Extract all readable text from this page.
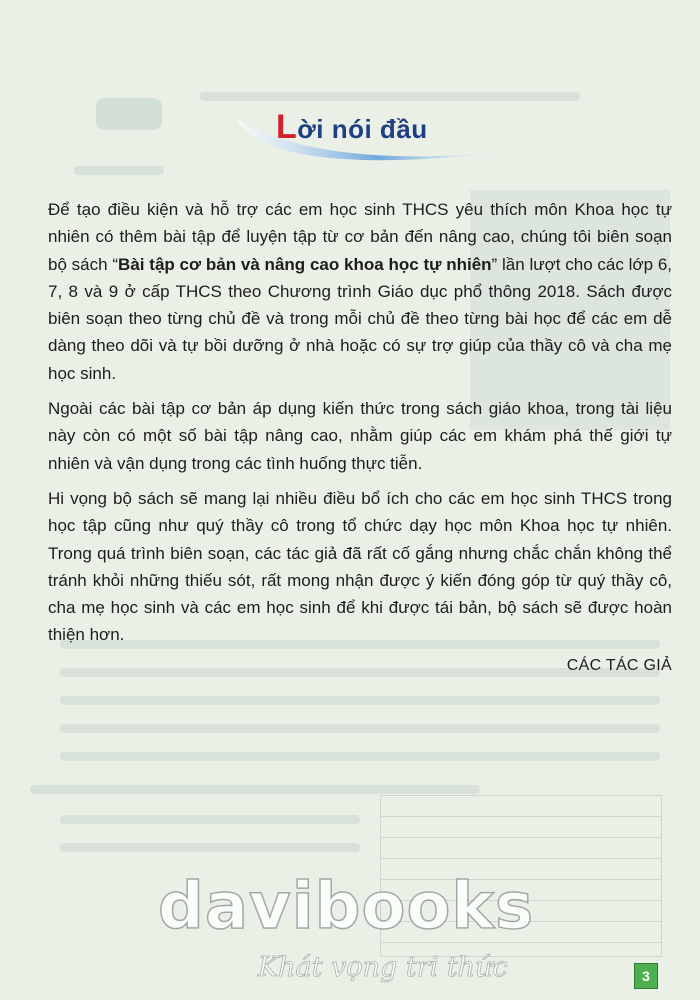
Lời nói đầu

Để tạo điều kiện và hỗ trợ các em học sinh THCS yêu thích môn Khoa học tự nhiên có thêm bài tập để luyện tập từ cơ bản đến nâng cao, chúng tôi biên soạn bộ sách “Bài tập cơ bản và nâng cao khoa học tự nhiên” lần lượt cho các lớp 6, 7, 8 và 9 ở cấp THCS theo Chương trình Giáo dục phổ thông 2018. Sách được biên soạn theo từng chủ đề và trong mỗi chủ đề theo từng bài học để các em dễ dàng theo dõi và tự bồi dưỡng ở nhà hoặc có sự trợ giúp của thầy cô và cha mẹ học sinh.

Ngoài các bài tập cơ bản áp dụng kiến thức trong sách giáo khoa, trong tài liệu này còn có một số bài tập nâng cao, nhằm giúp các em khám phá thế giới tự nhiên và vận dụng trong các tình huống thực tiễn.

Hi vọng bộ sách sẽ mang lại nhiều điều bổ ích cho các em học sinh THCS trong học tập cũng như quý thầy cô trong tổ chức dạy học môn Khoa học tự nhiên. Trong quá trình biên soạn, các tác giả đã rất cố gắng nhưng chắc chắn không thể tránh khỏi những thiếu sót, rất mong nhận được ý kiến đóng góp từ quý thầy cô, cha mẹ học sinh và các em học sinh để khi được tái bản, bộ sách sẽ được hoàn thiện hơn.

CÁC TÁC GIẢ
davibooks
Khát vọng tri thức	3
